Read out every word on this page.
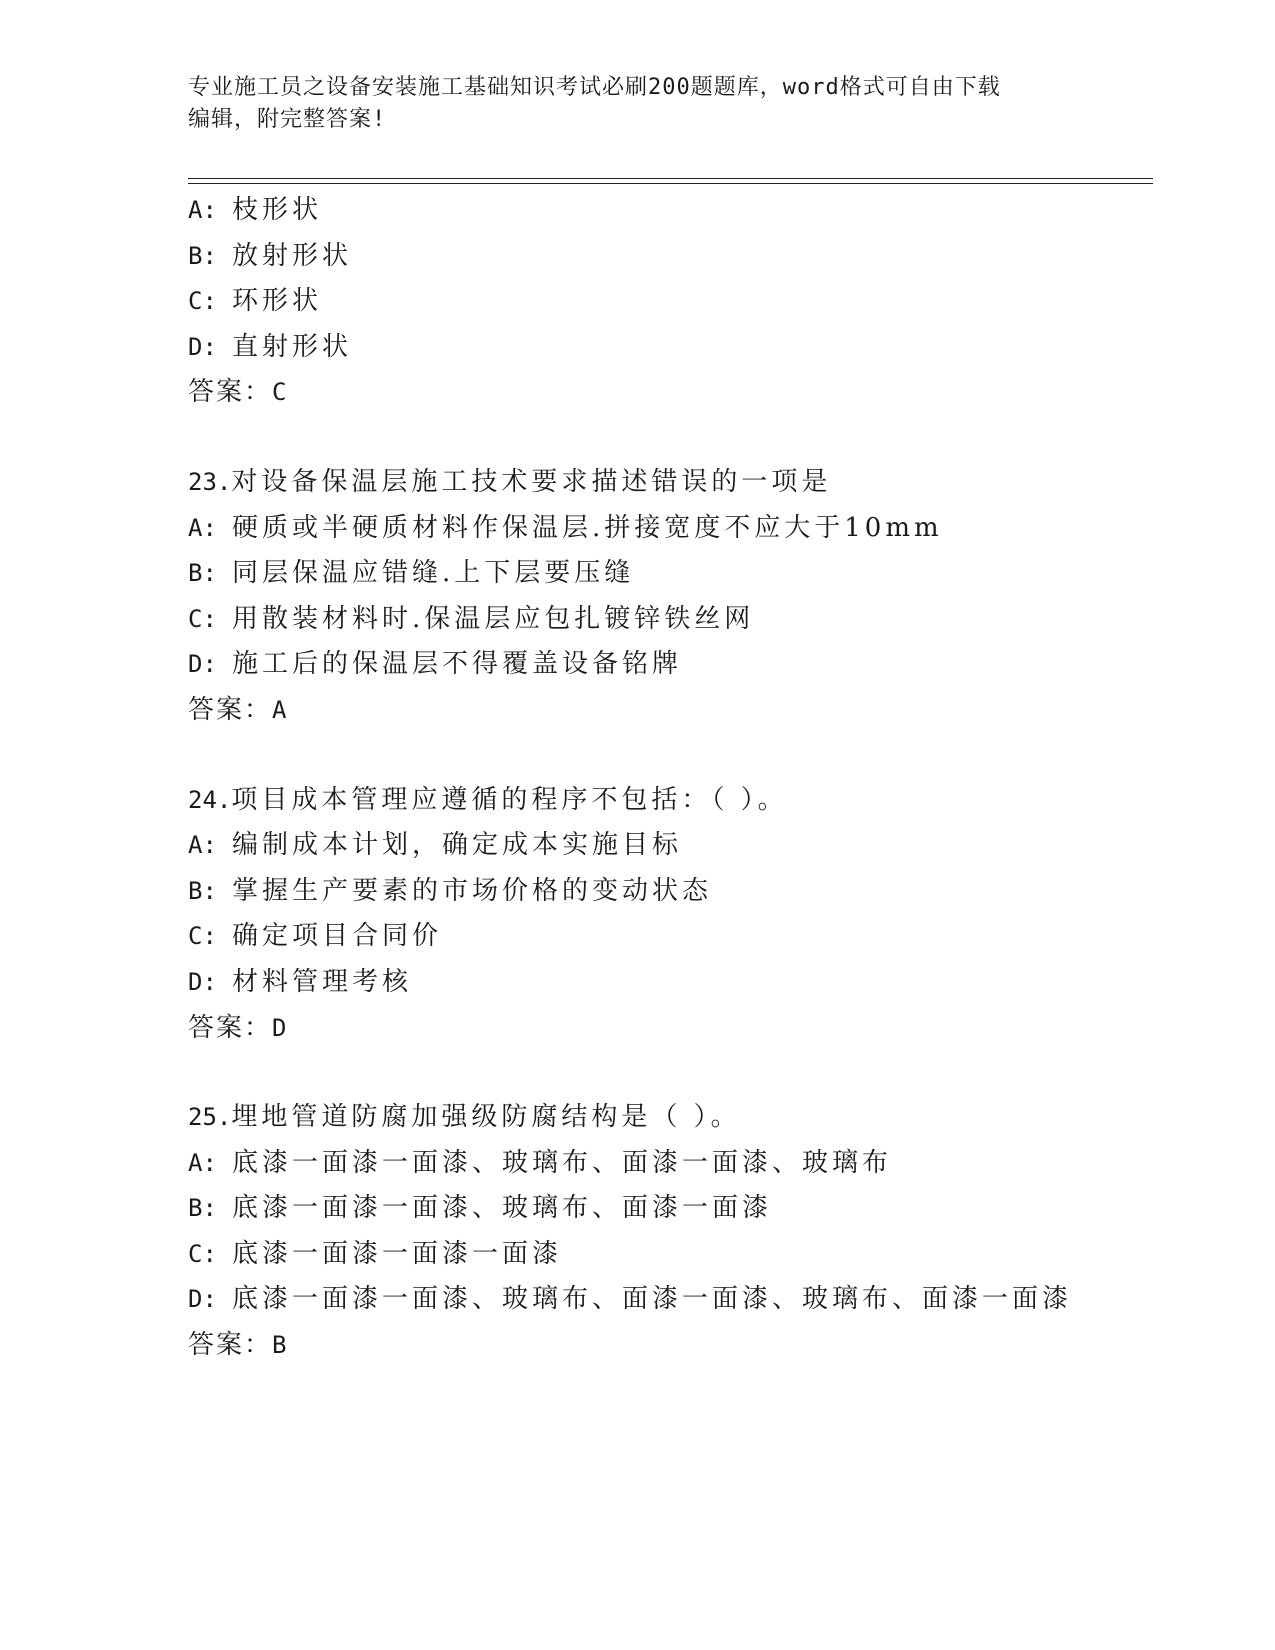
专业施工员之设备安装施工基础知识考试必刷200题题库，word格式可自由下载
编辑，附完整答案!
A: 枝形状
B: 放射形状
C: 环形状
D: 直射形状
答案：C
23.对设备保温层施工技术要求描述错误的一项是
A: 硬质或半硬质材料作保温层.拼接宽度不应大于10mm
B: 同层保温应错缝.上下层要压缝
C: 用散装材料时.保温层应包扎镀锌铁丝网
D: 施工后的保温层不得覆盖设备铭牌
答案：A
24.项目成本管理应遵循的程序不包括：（ ）。
A: 编制成本计划，确定成本实施目标
B: 掌握生产要素的市场价格的变动状态
C: 确定项目合同价
D: 材料管理考核
答案：D
25.埋地管道防腐加强级防腐结构是（ ）。
A: 底漆一面漆一面漆、玻璃布、面漆一面漆、玻璃布
B: 底漆一面漆一面漆、玻璃布、面漆一面漆
C: 底漆一面漆一面漆一面漆
D: 底漆一面漆一面漆、玻璃布、面漆一面漆、玻璃布、面漆一面漆
答案：B
